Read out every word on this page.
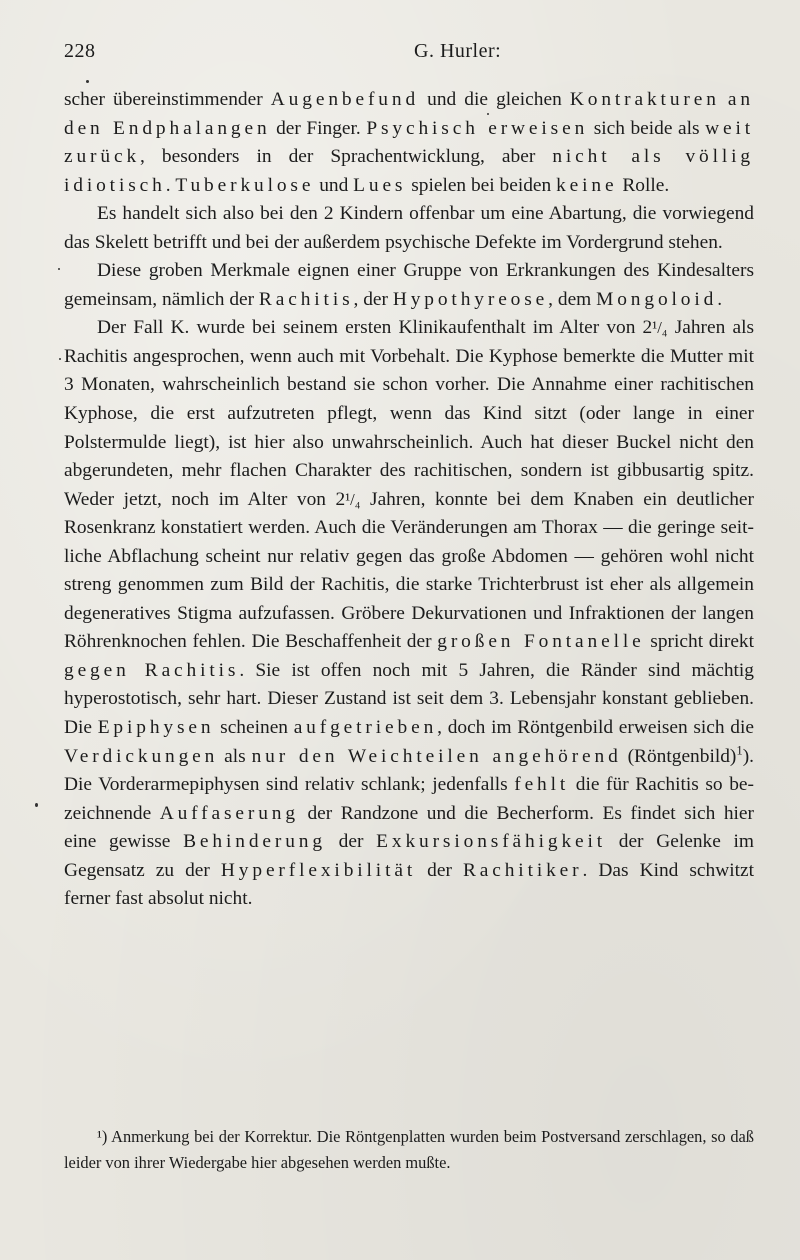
228	G. Hurler:

scher übereinstimmender Augenbefund und die gleichen Kontrakturen an den Endphalangen der Finger. Psychisch erweisen sich beide als weit zurück, besonders in der Sprachentwicklung, aber nicht als völlig idiotisch. Tuberkulose und Lues spielen bei beiden keine Rolle.

Es handelt sich also bei den 2 Kindern offenbar um eine Abartung, die vorwiegend das Skelett betrifft und bei der außerdem psychische Defekte im Vordergrund stehen.

Diese groben Merkmale eignen einer Gruppe von Erkrankungen des Kindesalters gemeinsam, nämlich der Rachitis, der Hypothyreose, dem Mongoloid.

Der Fall K. wurde bei seinem ersten Klinikaufenthalt im Alter von 2¹/₄ Jahren als Rachitis angesprochen, wenn auch mit Vorbehalt. Die Kyphose bemerkte die Mutter mit 3 Monaten, wahrscheinlich bestand sie schon vorher. Die Annahme einer rachitischen Kyphose, die erst aufzutreten pflegt, wenn das Kind sitzt (oder lange in einer Polstermulde liegt), ist hier also unwahrscheinlich. Auch hat dieser Buckel nicht den abgerundeten, mehr flachen Charakter des rachitischen, sondern ist gibbusartig spitz. Weder jetzt, noch im Alter von 2¹/₄ Jahren, konnte bei dem Knaben ein deutlicher Rosenkranz konstatiert werden. Auch die Veränderungen am Thorax — die geringe seitliche Abflachung scheint nur relativ gegen das große Abdomen — gehören wohl nicht streng genommen zum Bild der Rachitis, die starke Trichterbrust ist eher als allgemein degeneratives Stigma aufzufassen. Gröbere Dekurvationen und Infraktionen der langen Röhrenknochen fehlen. Die Beschaffenheit der großen Fontanelle spricht direkt gegen Rachitis. Sie ist offen noch mit 5 Jahren, die Ränder sind mächtig hyperostotisch, sehr hart. Dieser Zustand ist seit dem 3. Lebensjahr konstant geblieben. Die Epiphysen scheinen aufgetrieben, doch im Röntgenbild erweisen sich die Verdickungen als nur den Weichteilen angehörend (Röntgenbild)$^1$). Die Vorderarmepiphysen sind relativ schlank; jedenfalls fehlt die für Rachitis so bezeichnende Auffaserung der Randzone und die Becherform. Es findet sich hier eine gewisse Behinderung der Exkursionsfähigkeit der Gelenke im Gegensatz zu der Hyperflexibilität der Rachitiker. Das Kind schwitzt ferner fast absolut nicht.

¹) Anmerkung bei der Korrektur. Die Röntgenplatten wurden beim Postversand zerschlagen, so daß leider von ihrer Wiedergabe hier abgesehen werden mußte.
